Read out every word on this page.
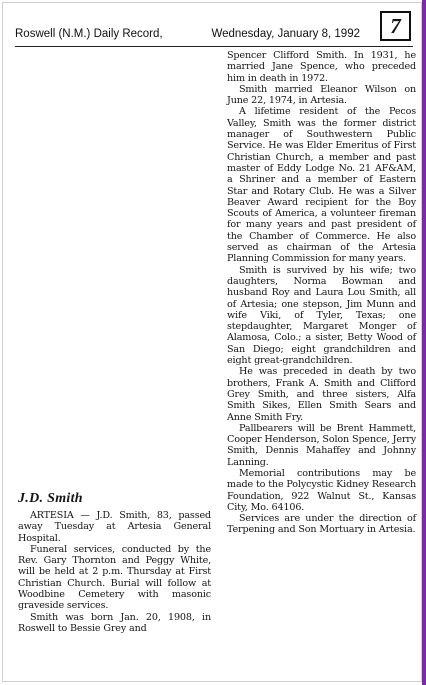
Roswell (N.M.) Daily Record,	Wednesday, January 8, 1992	7

Spencer Clifford Smith. In 1931, he married Jane Spence, who preceded him in death in 1972.

Smith married Eleanor Wilson on June 22, 1974, in Artesia.

A lifetime resident of the Pecos Valley, Smith was the former district manager of Southwestern Public Service. He was Elder Emeritus of First Christian Church, a member and past master of Eddy Lodge No. 21 AF&AM, a Shriner and a member of Eastern Star and Rotary Club. He was a Silver Beaver Award recipient for the Boy Scouts of America, a volunteer fireman for many years and past president of the Chamber of Commerce. He also served as chairman of the Artesia Planning Commission for many years.

Smith is survived by his wife; two daughters, Norma Bowman and husband Roy and Laura Lou Smith, all of Artesia; one stepson, Jim Munn and wife Viki, of Tyler, Texas; one stepdaughter, Margaret Monger of Alamosa, Colo.; a sister, Betty Wood of San Diego; eight grandchildren and eight great-grandchildren.

He was preceded in death by two brothers, Frank A. Smith and Clifford Grey Smith, and three sisters, Alfa Smith Sikes, Ellen Smith Sears and Anne Smith Fry.

Pallbearers will be Brent Hammett, Cooper Henderson, Solon Spence, Jerry Smith, Dennis Mahaffey and Johnny Lanning.

Memorial contributions may be made to the Polycystic Kidney Research Foundation, 922 Walnut St., Kansas City, Mo. 64106.

Services are under the direction of Terpening and Son Mortuary in Artesia.

J.D. Smith

ARTESIA — J.D. Smith, 83, passed away Tuesday at Artesia General Hospital.

Funeral services, conducted by the Rev. Gary Thornton and Peggy White, will be held at 2 p.m. Thursday at First Christian Church. Burial will follow at Woodbine Cemetery with masonic graveside services.

Smith was born Jan. 20, 1908, in Roswell to Bessie Grey and
